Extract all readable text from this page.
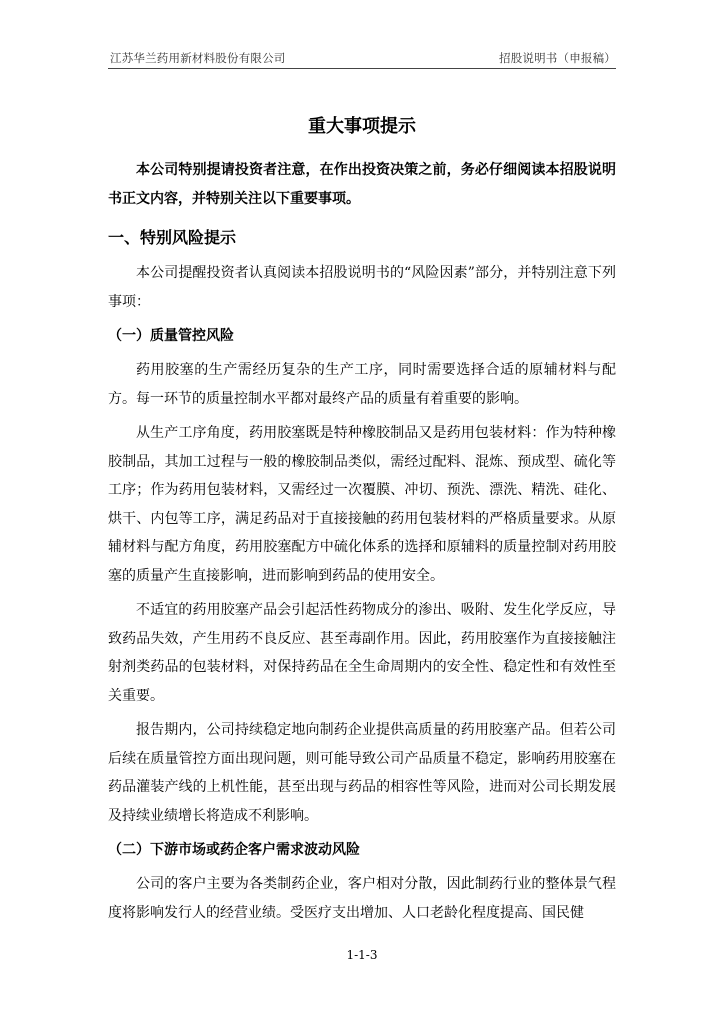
江苏华兰药用新材料股份有限公司	招股说明书（申报稿）
重大事项提示

本公司特别提请投资者注意，在作出投资决策之前，务必仔细阅读本招股说明书正文内容，并特别关注以下重要事项。

一、特别风险提示

本公司提醒投资者认真阅读本招股说明书的“风险因素”部分，并特别注意下列事项：

（一）质量管控风险

药用胶塞的生产需经历复杂的生产工序，同时需要选择合适的原辅材料与配方。每一环节的质量控制水平都对最终产品的质量有着重要的影响。

从生产工序角度，药用胶塞既是特种橡胶制品又是药用包装材料：作为特种橡胶制品，其加工过程与一般的橡胶制品类似，需经过配料、混炼、预成型、硫化等工序；作为药用包装材料，又需经过一次覆膜、冲切、预洗、漂洗、精洗、硅化、烘干、内包等工序，满足药品对于直接接触的药用包装材料的严格质量要求。从原辅材料与配方角度，药用胶塞配方中硫化体系的选择和原辅料的质量控制对药用胶塞的质量产生直接影响，进而影响到药品的使用安全。

不适宜的药用胶塞产品会引起活性药物成分的渗出、吸附、发生化学反应，导致药品失效，产生用药不良反应、甚至毒副作用。因此，药用胶塞作为直接接触注射剂类药品的包装材料，对保持药品在全生命周期内的安全性、稳定性和有效性至关重要。

报告期内，公司持续稳定地向制药企业提供高质量的药用胶塞产品。但若公司后续在质量管控方面出现问题，则可能导致公司产品质量不稳定，影响药用胶塞在药品灌装产线的上机性能，甚至出现与药品的相容性等风险，进而对公司长期发展及持续业绩增长将造成不利影响。

（二）下游市场或药企客户需求波动风险

公司的客户主要为各类制药企业，客户相对分散，因此制药行业的整体景气程度将影响发行人的经营业绩。受医疗支出增加、人口老龄化程度提高、国民健

1-1-3
